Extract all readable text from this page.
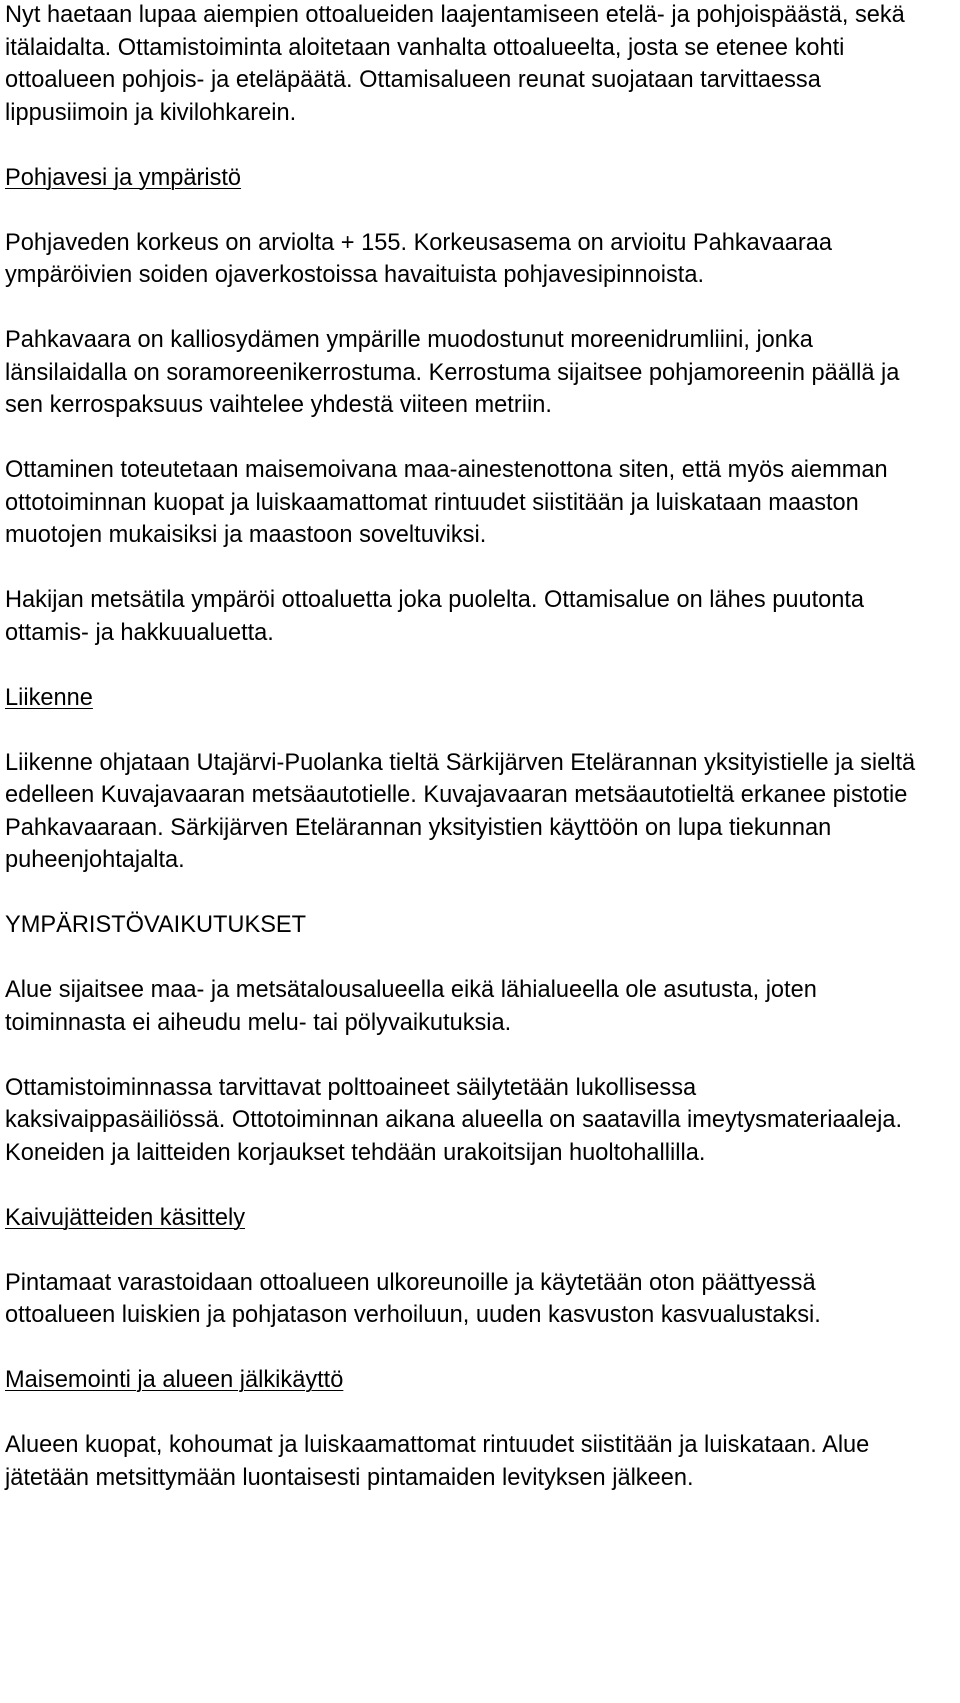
Nyt haetaan lupaa aiempien ottoalueiden laajentamiseen etelä- ja pohjoispäästä, sekä itälaidalta. Ottamistoiminta aloitetaan vanhalta ottoalueelta, josta se etenee kohti ottoalueen pohjois- ja eteläpäätä. Ottamisalueen reunat suojataan tarvittaessa lippusiimoin ja kivilohkarein.

Pohjavesi ja ympäristö

Pohjaveden korkeus on arviolta + 155. Korkeusasema on arvioitu Pahkavaaraa ympäröivien soiden ojaverkostoissa havaituista pohjavesipinnoista.

Pahkavaara on kalliosydämen ympärille muodostunut moreenidrumliini, jonka länsilaidalla on soramoreenikerrostuma. Kerrostuma sijaitsee pohjamoreenin päällä ja sen kerrospaksuus vaihtelee yhdestä viiteen metriin.

Ottaminen toteutetaan maisemoivana maa-ainestenottona siten, että myös aiemman ottotoiminnan kuopat ja luiskaamattomat rintuudet siistitään ja luiskataan maaston muotojen mukaisiksi ja maastoon soveltuviksi.

Hakijan metsätila ympäröi ottoaluetta joka puolelta. Ottamisalue on lähes puutonta ottamis- ja hakkuualuetta.

Liikenne

Liikenne ohjataan Utajärvi-Puolanka tieltä Särkijärven Etelärannan yksityistielle ja sieltä edelleen Kuvajavaaran metsäautotielle. Kuvajavaaran metsäautotieltä erkanee pistotie Pahkavaaraan. Särkijärven Etelärannan yksityistien käyttöön on lupa tiekunnan puheenjohtajalta.

YMPÄRISTÖVAIKUTUKSET

Alue sijaitsee maa- ja metsätalousalueella eikä lähialueella ole asutusta, joten toiminnasta ei aiheudu melu- tai pölyvaikutuksia.

Ottamistoiminnassa tarvittavat polttoaineet säilytetään lukollisessa kaksivaippasäiliössä. Ottotoiminnan aikana alueella on saatavilla imeytysmateriaaleja. Koneiden ja laitteiden korjaukset tehdään urakoitsijan huoltohallilla.

Kaivujätteiden käsittely

Pintamaat varastoidaan ottoalueen ulkoreunoille ja käytetään oton päättyessä ottoalueen luiskien ja pohjatason verhoiluun, uuden kasvuston kasvualustaksi.

Maisemointi ja alueen jälkikäyttö

Alueen kuopat, kohoumat ja luiskaamattomat rintuudet siistitään ja luiskataan. Alue jätetään metsittymään luontaisesti pintamaiden levityksen jälkeen.
